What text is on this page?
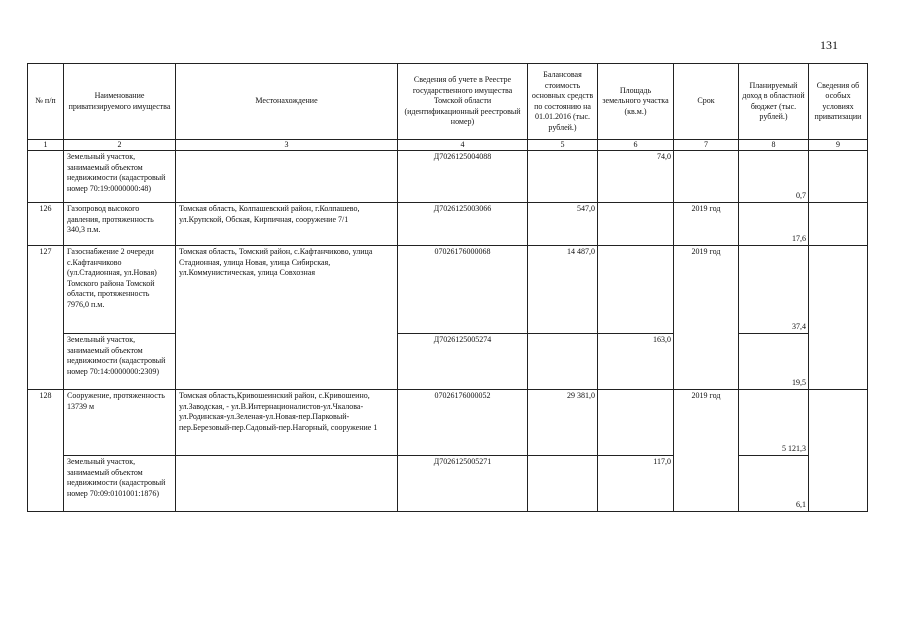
131
№ п/п	Наименование приватизируемого имущества	Местонахождение	Сведения об учете в Реестре государственного имущества Томской области (идентификационный реестровый номер)	Балансовая стоимость основных средств по состоянию на 01.01.2016 (тыс. рублей.)	Площадь земельного участка (кв.м.)	Срок	Планируемый доход в областной бюджет (тыс. рублей.)	Сведения об особых условиях приватизации
1	2	3	4	5	6	7	8	9
	Земельный участок, занимаемый объектом недвижимости (кадастровый номер 70:19:0000000:48)		Д7026125004088		74,0		0,7	
126	Газопровод высокого давления, протяженность 340,3 п.м.	Томская область, Колпашевский район, г.Колпашево, ул.Крупской, Обская, Кирпичная, сооружение 7/1	Д7026125003066	547,0		2019 год	17,6	
127	Газоснабжение 2 очереди с.Кафтанчиково (ул.Стадионная, ул.Новая) Томского района Томской области, протяженность 7976,0 п.м.	Томская область, Томский район, с.Кафтанчиково, улица Стадионная, улица Новая, улица Сибирская, ул.Коммунистическая, улица Совхозная	07026176000068	14 487,0		2019 год	37,4	
	Земельный участок, занимаемый объектом недвижимости (кадастровый номер 70:14:0000000:2309)		Д7026125005274		163,0		19,5	
128	Сооружение, протяженность 13739 м	Томская область,Кривошеинский район, с.Кривошеино, ул.Заводская, - ул.В.Интернационалистов-ул.Чкалова-ул.Родинская-ул.Зеленая-ул.Новая-пер.Парковый-пер.Березовый-пер.Садовый-пер.Нагорный, сооружение 1	07026176000052	29 381,0		2019 год	5 121,3	
	Земельный участок, занимаемый объектом недвижимости (кадастровый номер 70:09:0101001:1876)		Д7026125005271		117,0		6,1	
